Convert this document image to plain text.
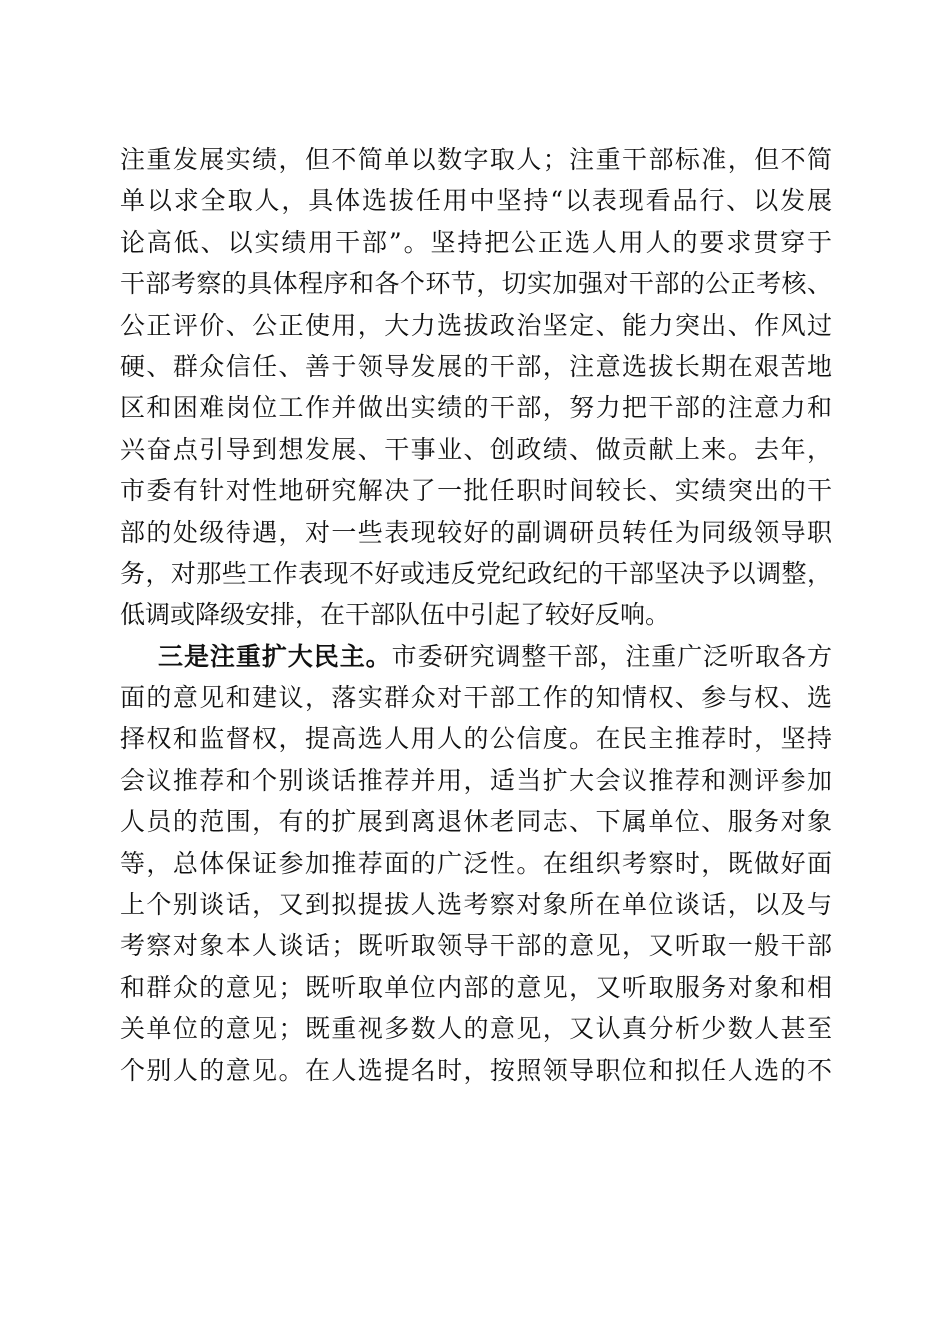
注重发展实绩，但不简单以数字取人；注重干部标准，但不简
单以求全取人，具体选拔任用中坚持“以表现看品行、以发展
论高低、以实绩用干部”。坚持把公正选人用人的要求贯穿于
干部考察的具体程序和各个环节，切实加强对干部的公正考核、
公正评价、公正使用，大力选拔政治坚定、能力突出、作风过
硬、群众信任、善于领导发展的干部，注意选拔长期在艰苦地
区和困难岗位工作并做出实绩的干部，努力把干部的注意力和
兴奋点引导到想发展、干事业、创政绩、做贡献上来。去年，
市委有针对性地研究解决了一批任职时间较长、实绩突出的干
部的处级待遇，对一些表现较好的副调研员转任为同级领导职
务，对那些工作表现不好或违反党纪政纪的干部坚决予以调整，
低调或降级安排，在干部队伍中引起了较好反响。
三是注重扩大民主。市委研究调整干部，注重广泛听取各方
面的意见和建议，落实群众对干部工作的知情权、参与权、选
择权和监督权，提高选人用人的公信度。在民主推荐时，坚持
会议推荐和个别谈话推荐并用，适当扩大会议推荐和测评参加
人员的范围，有的扩展到离退休老同志、下属单位、服务对象
等，总体保证参加推荐面的广泛性。在组织考察时，既做好面
上个别谈话，又到拟提拔人选考察对象所在单位谈话，以及与
考察对象本人谈话；既听取领导干部的意见，又听取一般干部
和群众的意见；既听取单位内部的意见，又听取服务对象和相
关单位的意见；既重视多数人的意见，又认真分析少数人甚至
个别人的意见。在人选提名时，按照领导职位和拟任人选的不
